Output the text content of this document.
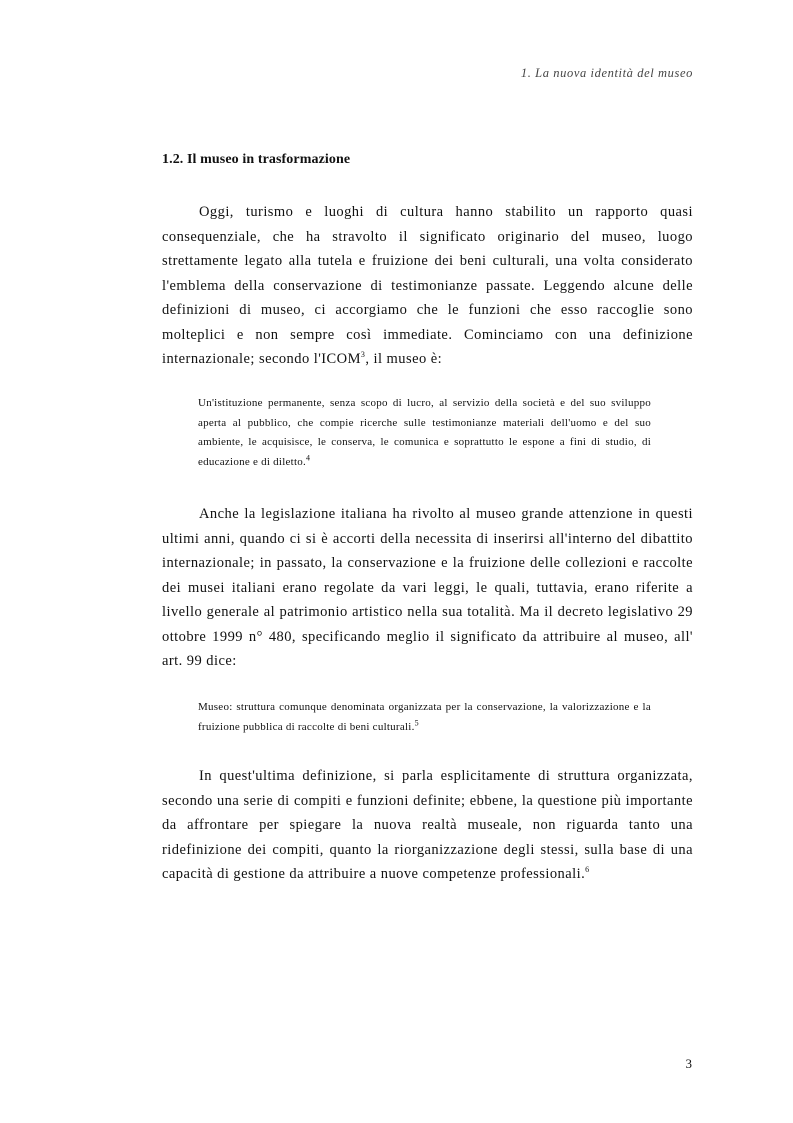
1. La nuova identità del museo
1.2. Il museo in trasformazione

Oggi, turismo e luoghi di cultura hanno stabilito un rapporto quasi consequenziale, che ha stravolto il significato originario del museo, luogo strettamente legato alla tutela e fruizione dei beni culturali, una volta considerato l'emblema della conservazione di testimonianze passate. Leggendo alcune delle definizioni di museo, ci accorgiamo che le funzioni che esso raccoglie sono molteplici e non sempre così immediate. Cominciamo con una definizione internazionale; secondo l'ICOM$^3$, il museo è:

Un'istituzione permanente, senza scopo di lucro, al servizio della società e del suo sviluppo aperta al pubblico, che compie ricerche sulle testimonianze materiali dell'uomo e del suo ambiente, le acquisisce, le conserva, le comunica e soprattutto le espone a fini di studio, di educazione e di diletto.$^4$

Anche la legislazione italiana ha rivolto al museo grande attenzione in questi ultimi anni, quando ci si è accorti della necessita di inserirsi all'interno del dibattito internazionale; in passato, la conservazione e la fruizione delle collezioni e raccolte dei musei italiani erano regolate da vari leggi, le quali, tuttavia, erano riferite a livello generale al patrimonio artistico nella sua totalità. Ma il decreto legislativo 29 ottobre 1999 n° 480, specificando meglio il significato da attribuire al museo, all' art. 99 dice:

Museo: struttura comunque denominata organizzata per la conservazione, la valorizzazione e la fruizione pubblica di raccolte di beni culturali.$^5$

In quest'ultima definizione, si parla esplicitamente di struttura organizzata, secondo una serie di compiti e funzioni definite; ebbene, la questione più importante da affrontare per spiegare la nuova realtà museale, non riguarda tanto una ridefinizione dei compiti, quanto la riorganizzazione degli stessi, sulla base di una capacità di gestione da attribuire a nuove competenze professionali.$^6$

3
